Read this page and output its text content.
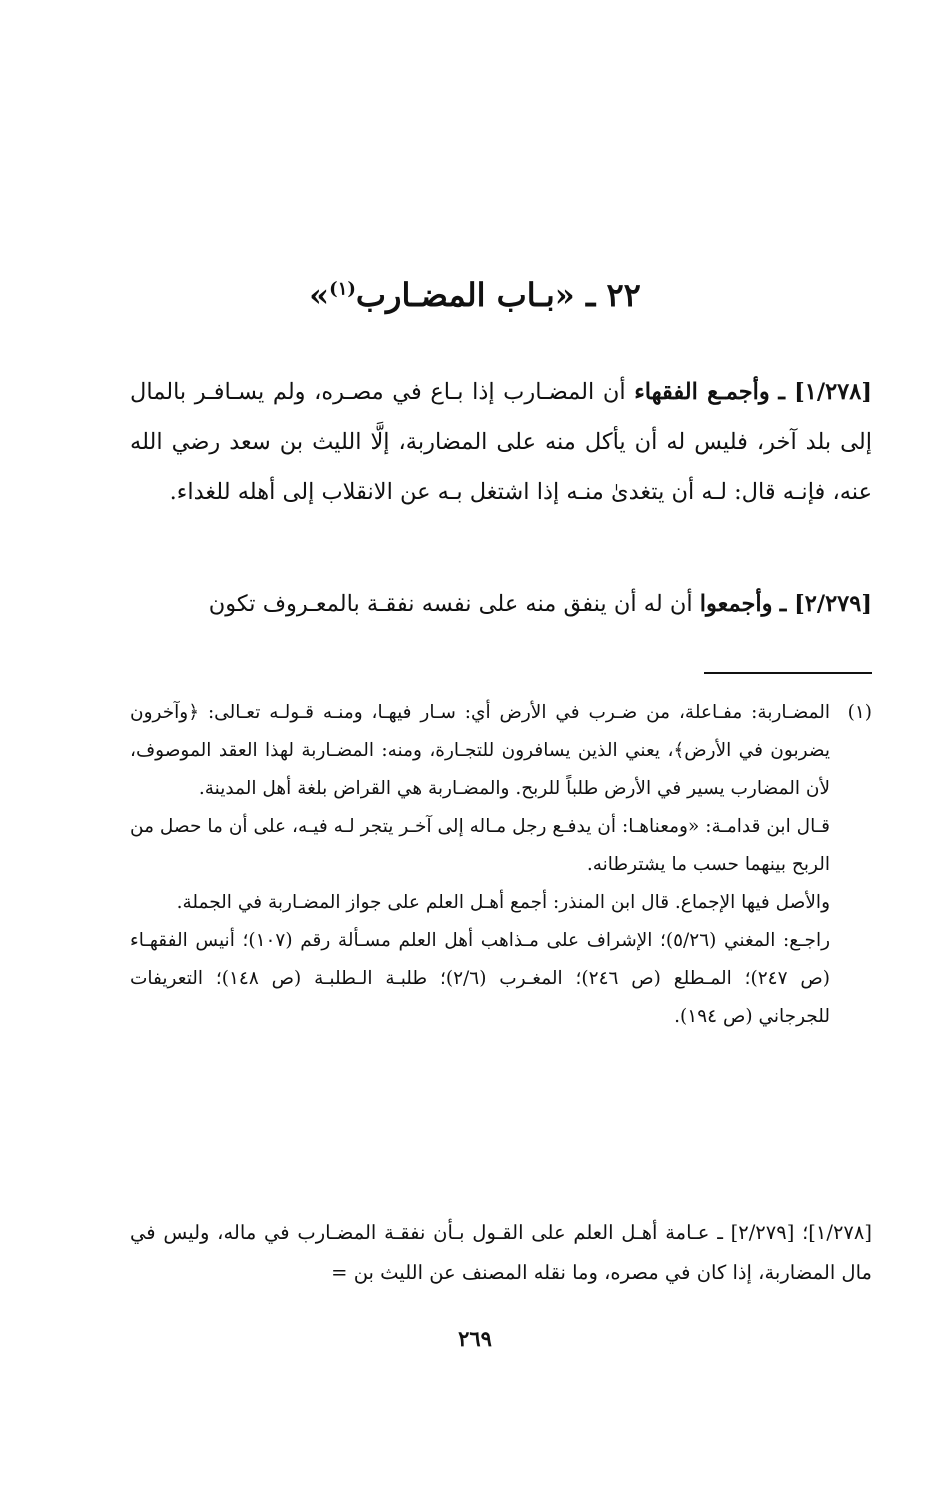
٢٢ ـ «بـاب المضـارب$^{(١)}$»
[١/٢٧٨] ـ وأجمـع الفقهاء أن المضـارب إذا بـاع في مصـره، ولم يسـافـر بالمال إلى بلد آخر، فليس له أن يأكل منه على المضاربة، إلَّا الليث بن سعد رضي الله عنه، فإنـه قال: لـه أن يتغدىٰ منـه إذا اشتغل بـه عن الانقلاب إلى أهله للغداء.
[٢/٢٧٩] ـ وأجمعوا أن له أن ينفق منه على نفسه نفقـة بالمعـروف تكون
(١)

المضـاربة: مفـاعلة، من ضـرب في الأرض أي: سـار فيهـا، ومنـه قـولـه تعـالى: ﴿وآخرون يضربون في الأرض﴾، يعني الذين يسافرون للتجـارة، ومنه: المضـاربة لهذا العقد الموصوف، لأن المضارب يسير في الأرض طلباً للربح. والمضـاربة هي القراض بلغة أهل المدينة.

قـال ابن قدامـة: «ومعناهـا: أن يدفـع رجل مـاله إلى آخـر يتجر لـه فيـه، على أن ما حصل من الربح بينهما حسب ما يشترطانه.

والأصل فيها الإجماع. قال ابن المنذر: أجمع أهـل العلم على جواز المضـاربة في الجملة.

راجـع: المغني (٥/٢٦)؛ الإشراف على مـذاهب أهل العلم مسـألة رقم (١٠٧)؛ أنيس الفقهـاء (ص ٢٤٧)؛ المـطلع (ص ٢٤٦)؛ المغـرب (٢/٦)؛ طلبـة الـطلبـة (ص ١٤٨)؛ التعريفات للجرجاني (ص ١٩٤).

[١/٢٧٨]؛ [٢/٢٧٩] ـ عـامة أهـل العلم على القـول بـأن نفقـة المضـارب في ماله، وليس في مال المضاربة، إذا كان في مصره، وما نقله المصنف عن الليث بن =
٢٦٩
